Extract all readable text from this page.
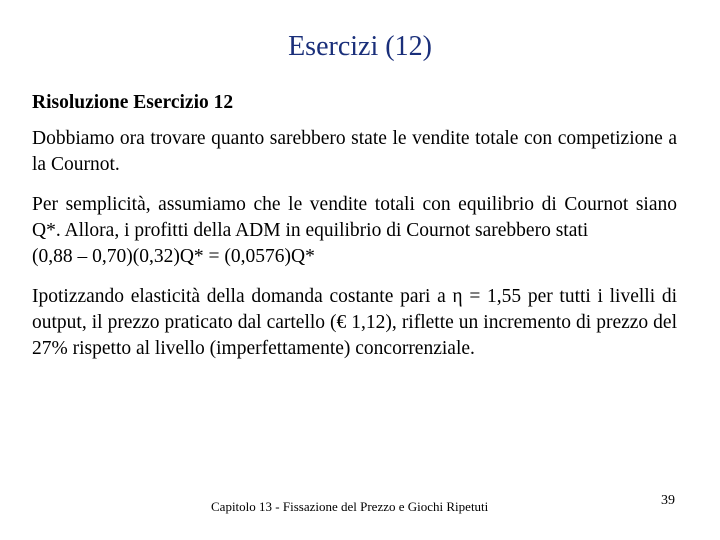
Esercizi (12)
Risoluzione Esercizio 12

Dobbiamo ora trovare quanto sarebbero state le vendite totale con competizione a la Cournot.

Per semplicità, assumiamo che le vendite totali con equilibrio di Cournot siano Q*. Allora, i profitti della ADM in equilibrio di Cournot sarebbero stati

(0,88 – 0,70)(0,32)Q* = (0,0576)Q*

Ipotizzando elasticità della domanda costante pari a η = 1,55 per tutti i livelli di output, il prezzo praticato dal cartello (€ 1,12), riflette un incremento di prezzo del 27% rispetto al livello (imperfettamente) concorrenziale.

Capitolo 13 - Fissazione del Prezzo e Giochi Ripetuti	39
